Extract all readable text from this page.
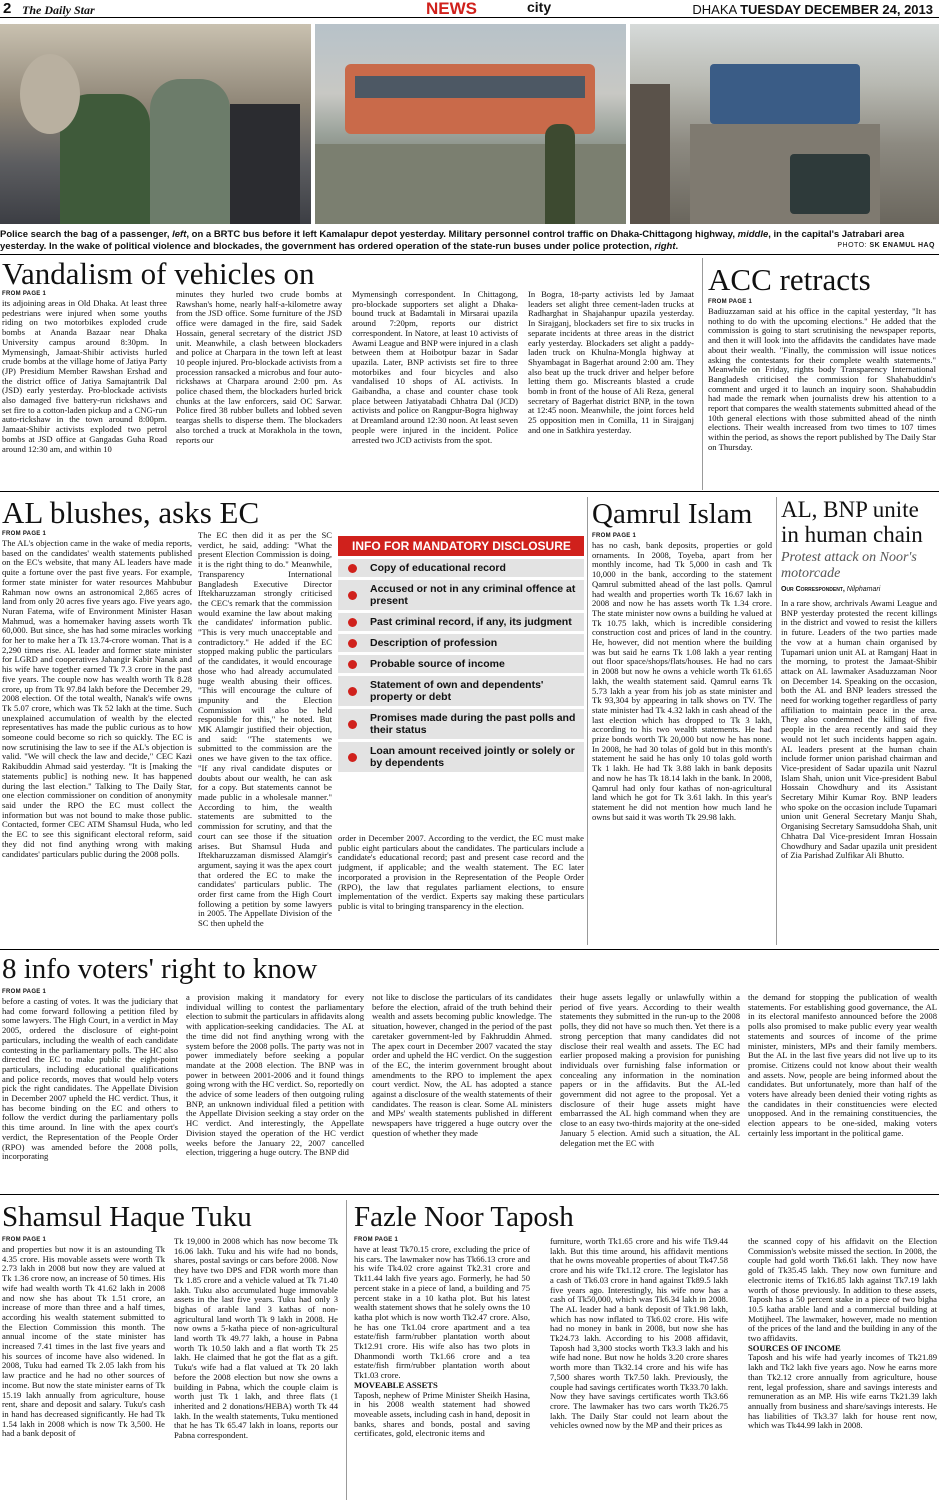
2 The Daily Star	NEWS	city	DHAKA TUESDAY DECEMBER 24, 2013
Police search the bag of a passenger, left, on a BRTC bus before it left Kamalapur depot yesterday. Military personnel control traffic on Dhaka-Chittagong highway, middle, in the capital's Jatrabari area yesterday. In the wake of political violence and blockades, the government has ordered operation of the state-run buses under police protection, right.	PHOTO: SK ENAMUL HAQ
Vandalism of vehicles on
FROM PAGE 1
its adjoining areas in Old Dhaka. At least three pedestrians were injured when some youths riding on two motorbikes exploded crude bombs at Ananda Bazaar near Dhaka University campus around 8:30pm. In Mymensingh, Jamaat-Shibir activists hurled crude bombs at the village home of Jatiya Party (JP) Presidium Member Rawshan Ershad and the district office of Jatiya Samajtantrik Dal (JSD) early yesterday. Pro-blockade activists also damaged five battery-run rickshaws and set fire to a cotton-laden pickup and a CNG-run auto-rickshaw in the town around 8:00pm. Jamaat-Shibir activists exploded two petrol bombs at JSD office at Gangadas Guha Road around 12:30 am, and within 10
minutes they hurled two crude bombs at Rawshan's home, nearly half-a-kilometre away from the JSD office. Some furniture of the JSD office were damaged in the fire, said Sadek Hossain, general secretary of the district JSD unit. Meanwhile, a clash between blockaders and police at Charpara in the town left at least 10 people injured. Pro-blockade activists from a procession ransacked a microbus and four auto-rickshaws at Charpara around 2:00 pm. As police chased them, the blockaders hurled brick chunks at the law enforcers, said OC Sarwar. Police fired 38 rubber bullets and lobbed seven teargas shells to disperse them. The blockaders also torched a truck at Morakhola in the town, reports our
Mymensingh correspondent. In Chittagong, pro-blockade supporters set alight a Dhaka-bound truck at Badamtali in Mirsarai upazila around 7:20pm, reports our district correspondent. In Natore, at least 10 activists of Awami League and BNP were injured in a clash between them at Hoibotpur bazar in Sadar upazila. Later, BNP activists set fire to three motorbikes and four bicycles and also vandalised 10 shops of AL activists. In Gaibandha, a chase and counter chase took place between Jatiyatabadi Chhatra Dal (JCD) activists and police on Rangpur-Bogra highway at Dreamland around 12:30 noon. At least seven people were injured in the incident. Police arrested two JCD activists from the spot.
In Bogra, 18-party activists led by Jamaat leaders set alight three cement-laden trucks at Radharghat in Shajahanpur upazila yesterday. In Sirajganj, blockaders set fire to six trucks in separate incidents at three areas in the district early yesterday. Blockaders set alight a paddy-laden truck on Khulna-Mongla highway at Shyambagat in Bagerhat around 2:00 am. They also beat up the truck driver and helper before letting them go. Miscreants blasted a crude bomb in front of the house of Ali Reza, general secretary of Bagerhat district BNP, in the town at 12:45 noon. Meanwhile, the joint forces held 25 opposition men in Comilla, 11 in Sirajganj and one in Satkhira yesterday.
ACC retracts
FROM PAGE 1
Badiuzzaman said at his office in the capital yesterday, "It has nothing to do with the upcoming elections." He added that the commission is going to start scrutinising the newspaper reports, and then it will look into the affidavits the candidates have made about their wealth. "Finally, the commission will issue notices asking the contestants for their complete wealth statements." Meanwhile on Friday, rights body Transparency International Bangladesh criticised the commission for Shahabuddin's comment and urged it to launch an inquiry soon. Shahabuddin had made the remark when journalists drew his attention to a report that compares the wealth statements submitted ahead of the 10th general elections with those submitted ahead of the ninth elections. Their wealth increased from two times to 107 times within the period, as shows the report published by The Daily Star on Thursday.
AL blushes, asks EC
FROM PAGE 1
The AL's objection came in the wake of media reports, based on the candidates' wealth statements published on the EC's website, that many AL leaders have made quite a fortune over the past five years. For example, former state minister for water resources Mahbubur Rahman now owns an astronomical 2,865 acres of land from only 20 acres five years ago. Five years ago, Nuran Fatema, wife of Environment Minister Hasan Mahmud, was a homemaker having assets worth Tk 60,000. But since, she has had some miracles working for her to make her a Tk 13.74-crore woman. That is a 2,290 times rise. AL leader and former state minister for LGRD and cooperatives Jahangir Kabir Nanak and his wife have together earned Tk 7.3 crore in the past five years. The couple now has wealth worth Tk 8.28 crore, up from Tk 97.84 lakh before the December 29, 2008 election. Of the total wealth, Nanak's wife owns Tk 5.07 crore, which was Tk 52 lakh at the time. Such unexplained accumulation of wealth by the elected representatives has made the public curious as to how someone could become so rich so quickly. The EC is now scrutinising the law to see if the AL's objection is valid. "We will check the law and decide," CEC Kazi Rakibuddin Ahmad said yesterday. "It is [making the statements public] is nothing new. It has happened during the last election." Talking to The Daily Star, one election commissioner on condition of anonymity said under the RPO the EC must collect the information but was not bound to make those public. Contacted, former CEC ATM Shamsul Huda, who led the EC to see this significant electoral reform, said they did not find anything wrong with making candidates' particulars public during the 2008 polls.
The EC then did it as per the SC verdict, he said, adding: "What the present Election Commission is doing, it is the right thing to do." Meanwhile, Transparency International Bangladesh Executive Director Iftekharuzzaman strongly criticised the CEC's remark that the commission would examine the law about making the candidates' information public. "This is very much unacceptable and contradictory." He added if the EC stopped making public the particulars of the candidates, it would encourage those who had already accumulated huge wealth abusing their offices. "This will encourage the culture of impunity and the Election Commission will also be held responsible for this," he noted. But MK Alamgir justified their objection, and said: "The statements we submitted to the commission are the ones we have given to the tax office. "If any rival candidate disputes or doubts about our wealth, he can ask for a copy. But statements cannot be made public in a wholesale manner." According to him, the wealth statements are submitted to the commission for scrutiny, and that the court can see those if the situation arises. But Shamsul Huda and Iftekharuzzaman dismissed Alamgir's argument, saying it was the apex court that ordered the EC to make the candidates' particulars public. The order first came from the High Court following a petition by some lawyers in 2005. The Appellate Division of the SC then upheld the
INFO FOR MANDATORY DISCLOSURE
Copy of educational record
Accused or not in any criminal offence at present
Past criminal record, if any, its judgment
Description of profession
Probable source of income
Statement of own and dependents' property or debt
Promises made during the past polls and their status
Loan amount received jointly or solely or by dependents
order in December 2007. According to the verdict, the EC must make public eight particulars about the candidates. The particulars include a candidate's educational record; past and present case record and the judgment, if applicable; and the wealth statement. The EC later incorporated a provision in the Representation of the People Order (RPO), the law that regulates parliament elections, to ensure implementation of the verdict. Experts say making these particulars public is vital to bringing transparency in the election.
Qamrul Islam
FROM PAGE 1
has no cash, bank deposits, properties or gold ornaments. In 2008, Toyeba, apart from her monthly income, had Tk 5,000 in cash and Tk 10,000 in the bank, according to the statement Qamrul submitted ahead of the last polls. Qamrul had wealth and properties worth Tk 16.67 lakh in 2008 and now he has assets worth Tk 1.34 crore. The state minister now owns a building he valued at Tk 10.75 lakh, which is incredible considering construction cost and prices of land in the country. He, however, did not mention where the building was but said he earns Tk 1.08 lakh a year renting out floor space/shops/flats/houses. He had no cars in 2008 but now he owns a vehicle worth Tk 61.65 lakh, the wealth statement said. Qamrul earns Tk 5.73 lakh a year from his job as state minister and Tk 93,304 by appearing in talk shows on TV. The state minister had Tk 4.32 lakh in cash ahead of the last election which has dropped to Tk 3 lakh, according to his two wealth statements. He had prize bonds worth Tk 20,000 but now he has none. In 2008, he had 30 tolas of gold but in this month's statement he said he has only 10 tolas gold worth Tk 1 lakh. He had Tk 3.88 lakh in bank deposits and now he has Tk 18.14 lakh in the bank. In 2008, Qamrul had only four kathas of non-agricultural land which he got for Tk 3.61 lakh. In this year's statement he did not mention how much land he owns but said it was worth Tk 29.98 lakh.
AL, BNP unite
in human chain
Protest attack on Noor's
motorcade
Our Correspondent, Nilphamari
In a rare show, archrivals Awami League and BNP yesterday protested the recent killings in the district and vowed to resist the killers in future. Leaders of the two parties made the vow at a human chain organised by Tupamari union unit AL at Ramganj Haat in the morning, to protest the Jamaat-Shibir attack on AL lawmaker Asaduzzaman Noor on December 14. Speaking on the occasion, both the AL and BNP leaders stressed the need for working together regardless of party affiliation to maintain peace in the area. They also condemned the killing of five people in the area recently and said they would not let such incidents happen again. AL leaders present at the human chain include former union parishad chairman and Vice-president of Sadar upazila unit Nazrul Islam Shah, union unit Vice-president Babul Hossain Chowdhury and its Assistant Secretary Mihir Kumar Roy. BNP leaders who spoke on the occasion include Tupamari union unit General Secretary Manju Shah, Organising Secretary Samsuddoha Shah, unit Chhatra Dal Vice-president Imran Hossain Chowdhury and Sadar upazila unit president of Zia Parishad Zulfikar Ali Bhutto.
8 info voters' right to know
FROM PAGE 1
before a casting of votes. It was the judiciary that had come forward following a petition filed by some lawyers. The High Court, in a verdict in May 2005, ordered the disclosure of eight-point particulars, including the wealth of each candidate contesting in the parliamentary polls. The HC also directed the EC to make public the eight-point particulars, including educational qualifications and police records, moves that would help voters pick the right candidates. The Appellate Division in December 2007 upheld the HC verdict. Thus, it has become binding on the EC and others to follow the verdict during the parliamentary polls this time around. In line with the apex court's verdict, the Representation of the People Order (RPO) was amended before the 2008 polls, incorporating
a provision making it mandatory for every individual willing to contest the parliamentary election to submit the particulars in affidavits along with application-seeking candidacies. The AL at the time did not find anything wrong with the system before the 2008 polls. The party was not in power immediately before seeking a popular mandate at the 2008 election. The BNP was in power in between 2001-2006 and it found things going wrong with the HC verdict. So, reportedly on the advice of some leaders of then outgoing ruling BNP, an unknown individual filed a petition with the Appellate Division seeking a stay order on the HC verdict. And interestingly, the Appellate Division stayed the operation of the HC verdict weeks before the January 22, 2007 cancelled election, triggering a huge outcry. The BNP did
not like to disclose the particulars of its candidates before the election, afraid of the truth behind their wealth and assets becoming public knowledge. The situation, however, changed in the period of the past caretaker government-led by Fakhruddin Ahmed. The apex court in December 2007 vacated the stay order and upheld the HC verdict. On the suggestion of the EC, the interim government brought about amendments to the RPO to implement the apex court verdict. Now, the AL has adopted a stance against a disclosure of the wealth statements of their candidates. The reason is clear. Some AL ministers and MPs' wealth statements published in different newspapers have triggered a huge outcry over the question of whether they made
their huge assets legally or unlawfully within a period of five years. According to their wealth statements they submitted in the run-up to the 2008 polls, they did not have so much then. Yet there is a strong perception that many candidates did not disclose their real wealth and assets. The EC had earlier proposed making a provision for punishing individuals over furnishing false information or concealing any information in the nomination papers or in the affidavits. But the AL-led government did not agree to the proposal. Yet a disclosure of their huge assets might have embarrassed the AL high command when they are close to an easy two-thirds majority at the one-sided January 5 election. Amid such a situation, the AL delegation met the EC with
the demand for stopping the publication of wealth statements. For establishing good governance, the AL in its electoral manifesto announced before the 2008 polls also promised to make public every year wealth statements and sources of income of the prime minister, ministers, MPs and their family members. But the AL in the last five years did not live up to its promise. Citizens could not know about their wealth and assets. Now, people are being informed about the candidates. But unfortunately, more than half of the voters have already been denied their voting rights as the candidates in their constituencies were elected unopposed. And in the remaining constituencies, the election appears to be one-sided, making voters certainly less important in the political game.
Shamsul Haque Tuku
FROM PAGE 1
and properties but now it is an astounding Tk 4.35 crore. His movable assets were worth Tk 2.73 lakh in 2008 but now they are valued at Tk 1.36 crore now, an increase of 50 times. His wife had wealth worth Tk 41.62 lakh in 2008 and now she has about Tk 1.51 crore, an increase of more than three and a half times, according his wealth statement submitted to the Election Commission this month. The annual income of the state minister has increased 7.41 times in the last five years and his sources of income have also widened. In 2008, Tuku had earned Tk 2.05 lakh from his law practice and he had no other sources of income. But now the state minister earns of Tk 15.19 lakh annually from agriculture, house rent, share and deposit and salary. Tuku's cash in hand has decreased significantly. He had Tk 1.54 lakh in 2008 which is now Tk 3,500. He had a bank deposit of
Tk 19,000 in 2008 which has now become Tk 16.06 lakh. Tuku and his wife had no bonds, shares, postal savings or cars before 2008. Now they have two DPS and FDR worth more than Tk 1.85 crore and a vehicle valued at Tk 71.40 lakh. Tuku also accumulated huge immovable assets in the last five years. Tuku had only 3 bighas of arable land 3 kathas of non-agricultural land worth Tk 9 lakh in 2008. He now owns a 5-katha piece of non-agricultural land worth Tk 49.77 lakh, a house in Pabna worth Tk 10.50 lakh and a flat worth Tk 25 lakh. He claimed that he got the flat as a gift. Tuku's wife had a flat valued at Tk 20 lakh before the 2008 election but now she owns a building in Pabna, which the couple claim is worth just Tk 1 lakh, and three flats (1 inherited and 2 donations/HEBA) worth Tk 44 lakh. In the wealth statements, Tuku mentioned that he has Tk 65.47 lakh in loans, reports our Pabna correspondent.
Fazle Noor Taposh
FROM PAGE 1
have at least Tk70.15 crore, excluding the price of his cars. The lawmaker now has Tk66.13 crore and his wife Tk4.02 crore against Tk2.31 crore and Tk11.44 lakh five years ago. Formerly, he had 50 percent stake in a piece of land, a building and 75 percent stake in a 10 katha plot. But his latest wealth statement shows that he solely owns the 10 katha plot which is now worth Tk2.47 crore. Also, he has one Tk1.04 crore apartment and a tea estate/fish farm/rubber plantation worth about Tk12.91 crore. His wife also has two plots in Dhanmondi worth Tk1.66 crore and a tea estate/fish firm/rubber plantation worth about Tk1.03 crore.
MOVEABLE ASSETS
Taposh, nephew of Prime Minister Sheikh Hasina, in his 2008 wealth statement had showed moveable assets, including cash in hand, deposit in banks, shares and bonds, postal and saving certificates, gold, electronic items and
furniture, worth Tk1.65 crore and his wife Tk9.44 lakh. But this time around, his affidavit mentions that he owns moveable properties of about Tk47.58 crore and his wife Tk1.12 crore. The legislator has a cash of Tk6.03 crore in hand against Tk89.5 lakh five years ago. Interestingly, his wife now has a cash of Tk50,000, which was Tk6.34 lakh in 2008. The AL leader had a bank deposit of Tk1.98 lakh, which has now inflated to Tk6.02 crore. His wife had no money in bank in 2008, but now she has Tk24.73 lakh. According to his 2008 affidavit, Taposh had 3,300 stocks worth Tk3.3 lakh and his wife had none. But now he holds 3.20 crore shares worth more than Tk32.14 crore and his wife has 7,500 shares worth Tk7.50 lakh. Previously, the couple had savings certificates worth Tk33.70 lakh. Now they have savings certificates worth Tk3.66 crore. The lawmaker has two cars worth Tk26.75 lakh. The Daily Star could not learn about the vehicles owned now by the MP and their prices as
the scanned copy of his affidavit on the Election Commission's website missed the section. In 2008, the couple had gold worth Tk6.61 lakh. They now have gold of Tk35.45 lakh. They now own furniture and electronic items of Tk16.85 lakh against Tk7.19 lakh worth of those previously. In addition to these assets, Taposh has a 50 percent stake in a piece of two bigha 10.5 katha arable land and a commercial building at Motijheel. The lawmaker, however, made no mention of the prices of the land and the building in any of the two affidavits.
SOURCES OF INCOME
Taposh and his wife had yearly incomes of Tk21.89 lakh and Tk2 lakh five years ago. Now he earns more than Tk2.12 crore annually from agriculture, house rent, legal profession, share and savings interests and remuneration as an MP. His wife earns Tk21.39 lakh annually from business and share/savings interests. He has liabilities of Tk3.37 lakh for house rent now, which was Tk44.99 lakh in 2008.
